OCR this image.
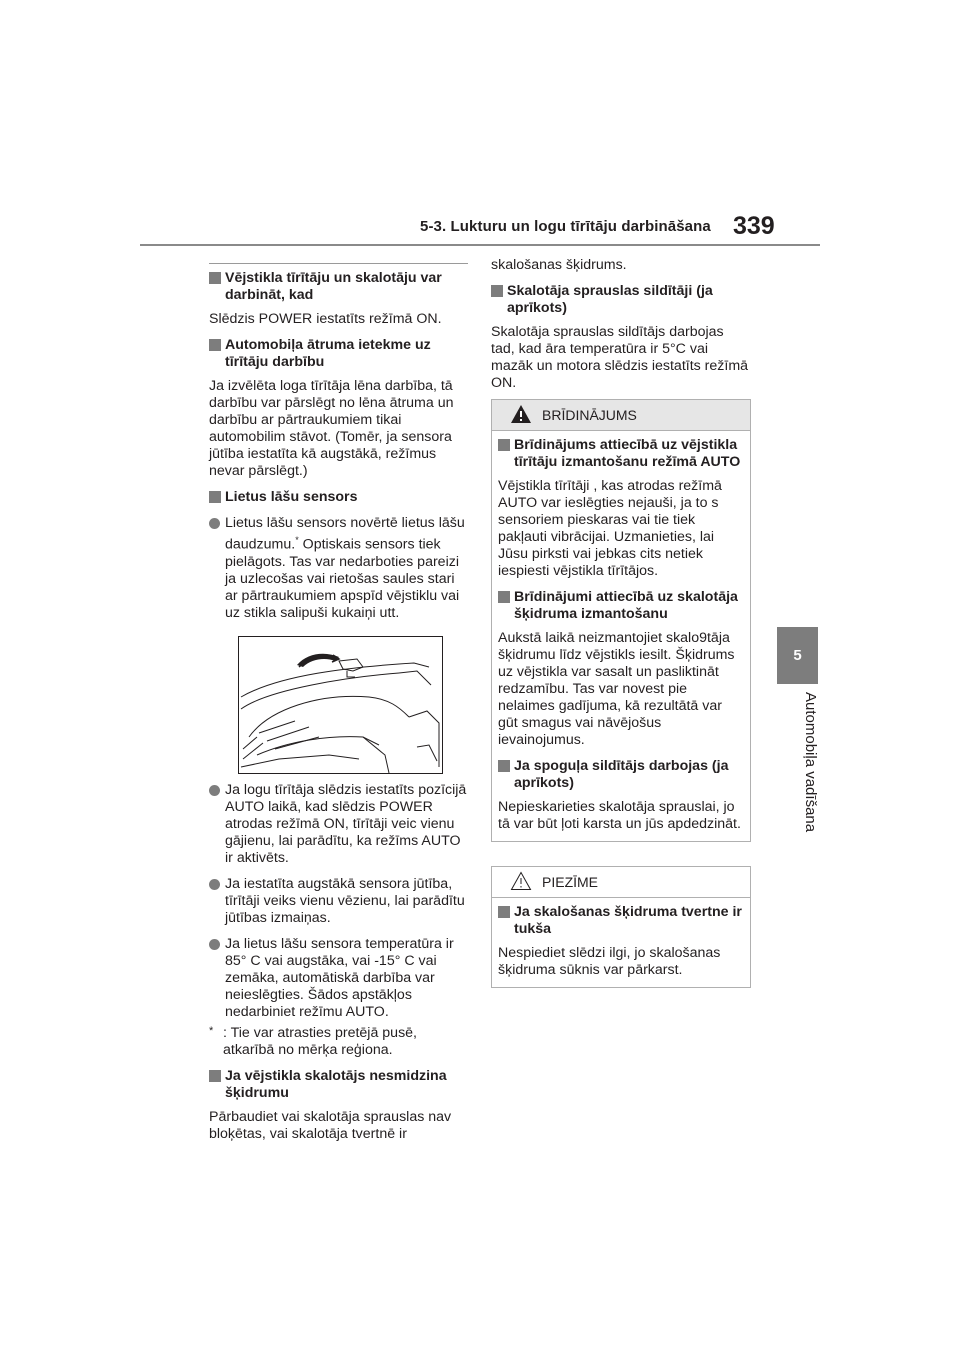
5-3. Lukturu un logu tīrītāju darbināšana 339
5
Automobiļa vadīšana

Vējstikla tīrītāju un skalotāju var darbināt, kad

Slēdzis POWER iestatīts režīmā ON.

Automobiļa ātruma ietekme uz tīrītāju darbību

Ja izvēlēta loga tīrītāja lēna darbība, tā darbību var pārslēgt no lēna ātruma un darbību ar pārtraukumiem tikai automobilim stāvot. (Tomēr, ja sensora jūtība iestatīta kā augstākā, režīmus nevar pārslēgt.)

Lietus lāšu sensors

Lietus lāšu sensors novērtē lietus lāšu daudzumu.* Optiskais sensors tiek pielāgots. Tas var nedarboties pareizi ja uzlecošas vai rietošas saules stari ar pārtraukumiem apspīd vējstiklu vai uz stikla salipuši kukaiņi utt.

Ja logu tīrītāja slēdzis iestatīts pozīcijā AUTO laikā, kad slēdzis POWER atrodas režīmā ON, tīrītāji veic vienu gājienu, lai parādītu, ka režīms AUTO ir aktivēts.

Ja iestatīta augstākā sensora jūtība, tīrītāji veiks vienu vēzienu, lai parādītu jūtības izmaiņas.

Ja lietus lāšu sensora temperatūra ir 85° C vai augstāka, vai -15° C vai zemāka, automātiskā darbība var neieslēgties. Šādos apstākļos nedarbiniet režīmu AUTO.

* : Tie var atrasties pretējā pusē, atkarībā no mērķa reģiona.

Ja vējstikla skalotājs nesmidzina šķidrumu

Pārbaudiet vai skalotāja sprauslas nav bloķētas, vai skalotāja tvertnē ir

skalošanas šķidrums.

Skalotāja sprauslas sildītāji (ja aprīkots)

Skalotāja sprauslas sildītājs darbojas tad, kad āra temperatūra ir 5°C vai mazāk un motora slēdzis iestatīts režīmā ON.

BRĪDINĀJUMS

Brīdinājums attiecībā uz vējstikla tīrītāju izmantošanu režīmā AUTO

Vējstikla tīrītāji , kas atrodas režīmā AUTO var ieslēgties nejauši, ja to s sensoriem pieskaras vai tie tiek pakļauti vibrācijai. Uzmanieties, lai Jūsu pirksti vai jebkas cits netiek iespiesti vējstikla tīrītājos.

Brīdinājumi attiecībā uz skalotāja šķidruma izmantošanu

Aukstā laikā neizmantojiet skalo9tāja šķidrumu līdz vējstikls iesilt. Šķidrums uz vējstikla var sasalt un pasliktināt redzamību. Tas var novest pie nelaimes gadījuma, kā rezultātā var gūt smagus vai nāvējošus ievainojumus.

Ja spoguļa sildītājs darbojas (ja aprīkots)

Nepieskarieties skalotāja sprauslai, jo tā var būt ļoti karsta un jūs apdedzināt.

PIEZĪME

Ja skalošanas šķidruma tvertne ir tukša

Nespiediet slēdzi ilgi, jo skalošanas šķidruma sūknis var pārkarst.
